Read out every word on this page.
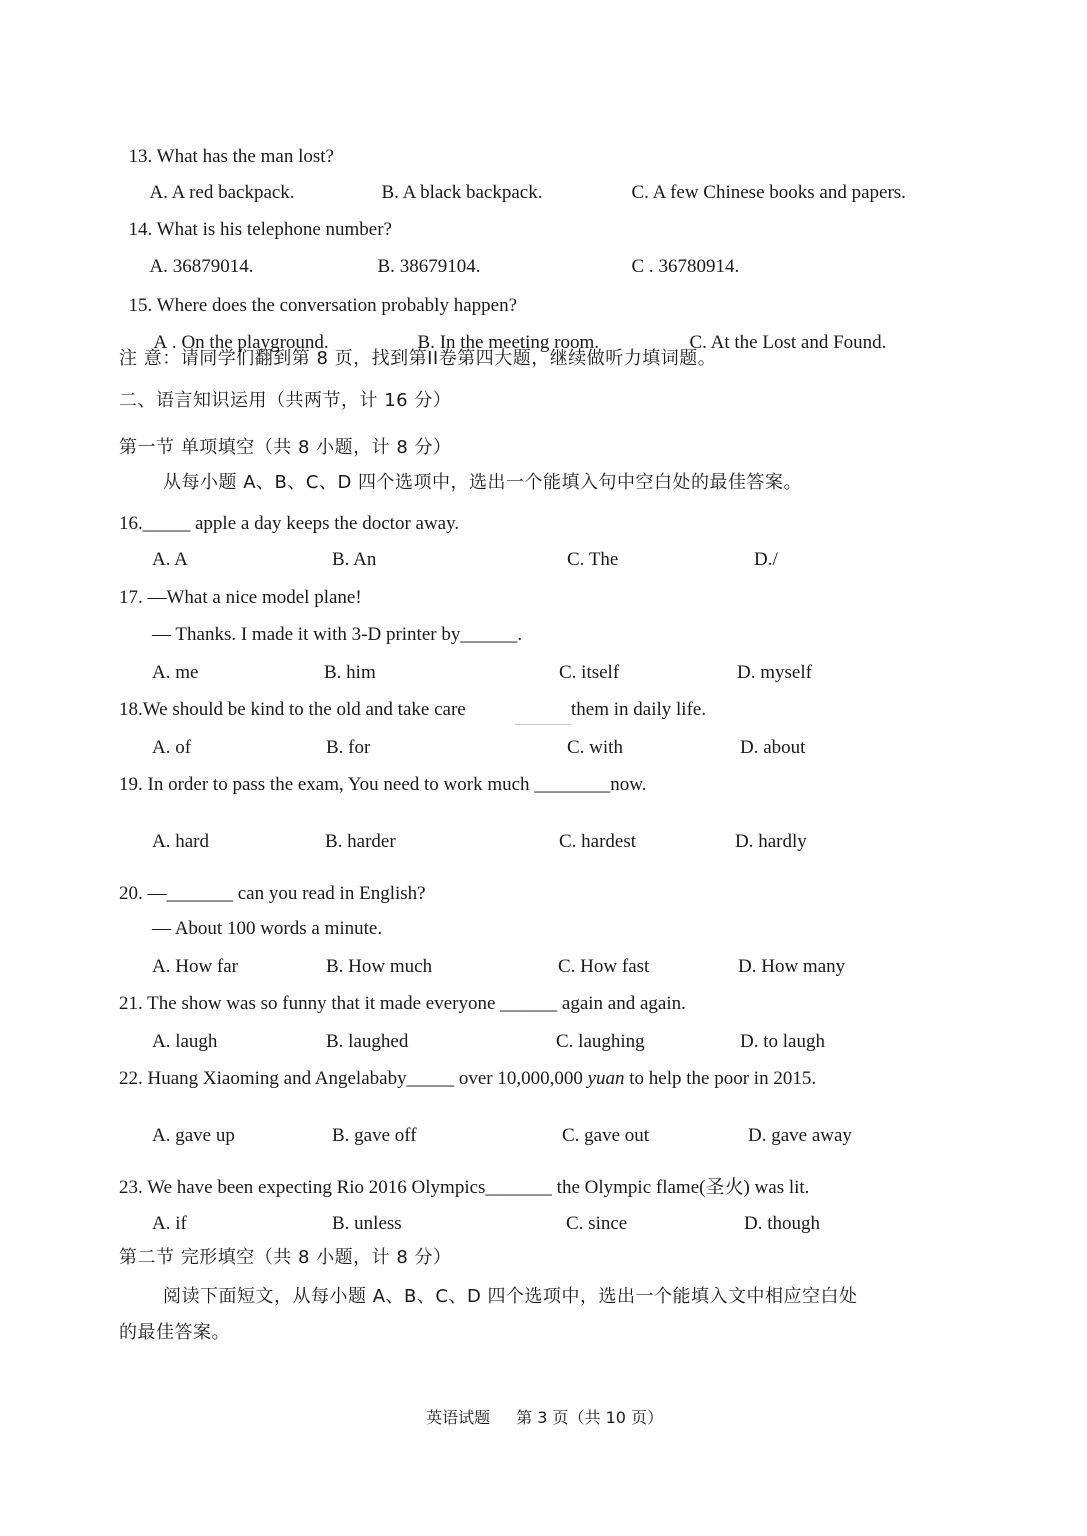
13. What has the man lost?

A. A red backpack.	B. A black backpack.	C. A few Chinese books and papers.

14. What is his telephone number?

A. 36879014.	B. 38679104.	C . 36780914.

15. Where does the conversation probably happen?

A . On the playground.	B. In the meeting room.	C. At the Lost and Found.

注 意：请同学们翻到第 8 页，找到第II卷第四大题，继续做听力填词题。
二、语言知识运用（共两节，计 16 分）
第一节 单项填空（共 8 小题，计 8 分）
从每小题 A、B、C、D 四个选项中，选出一个能填入句中空白处的最佳答案。
16._____ apple a day keeps the doctor away.
A. A	B. An	C. The	D./
17. —What a nice model plane!
— Thanks. I made it with 3-D printer by______.
A. me	B. him	C. itself	D. myself
18.We should be kind to the old and take care	them in daily life.
A. of	B. for	C. with	D. about
19. In order to pass the exam, You need to work much ________now.
A. hard	B. harder	C. hardest	D. hardly
20. —_______ can you read in English?
— About 100 words a minute.
A. How far	B. How much	C. How fast	D. How many
21. The show was so funny that it made everyone ______ again and again.
A. laugh	B. laughed	C. laughing	D. to laugh
22. Huang Xiaoming and Angelababy_____ over 10,000,000 yuan to help the poor in 2015.
A. gave up	B. gave off	C. gave out	D. gave away
23. We have been expecting Rio 2016 Olympics_______ the Olympic flame(圣火) was lit.
A. if	B. unless	C. since	D. though
第二节 完形填空（共 8 小题，计 8 分）
阅读下面短文，从每小题 A、B、C、D 四个选项中，选出一个能填入文中相应空白处
的最佳答案。

英语试题 第 3 页（共 10 页）
